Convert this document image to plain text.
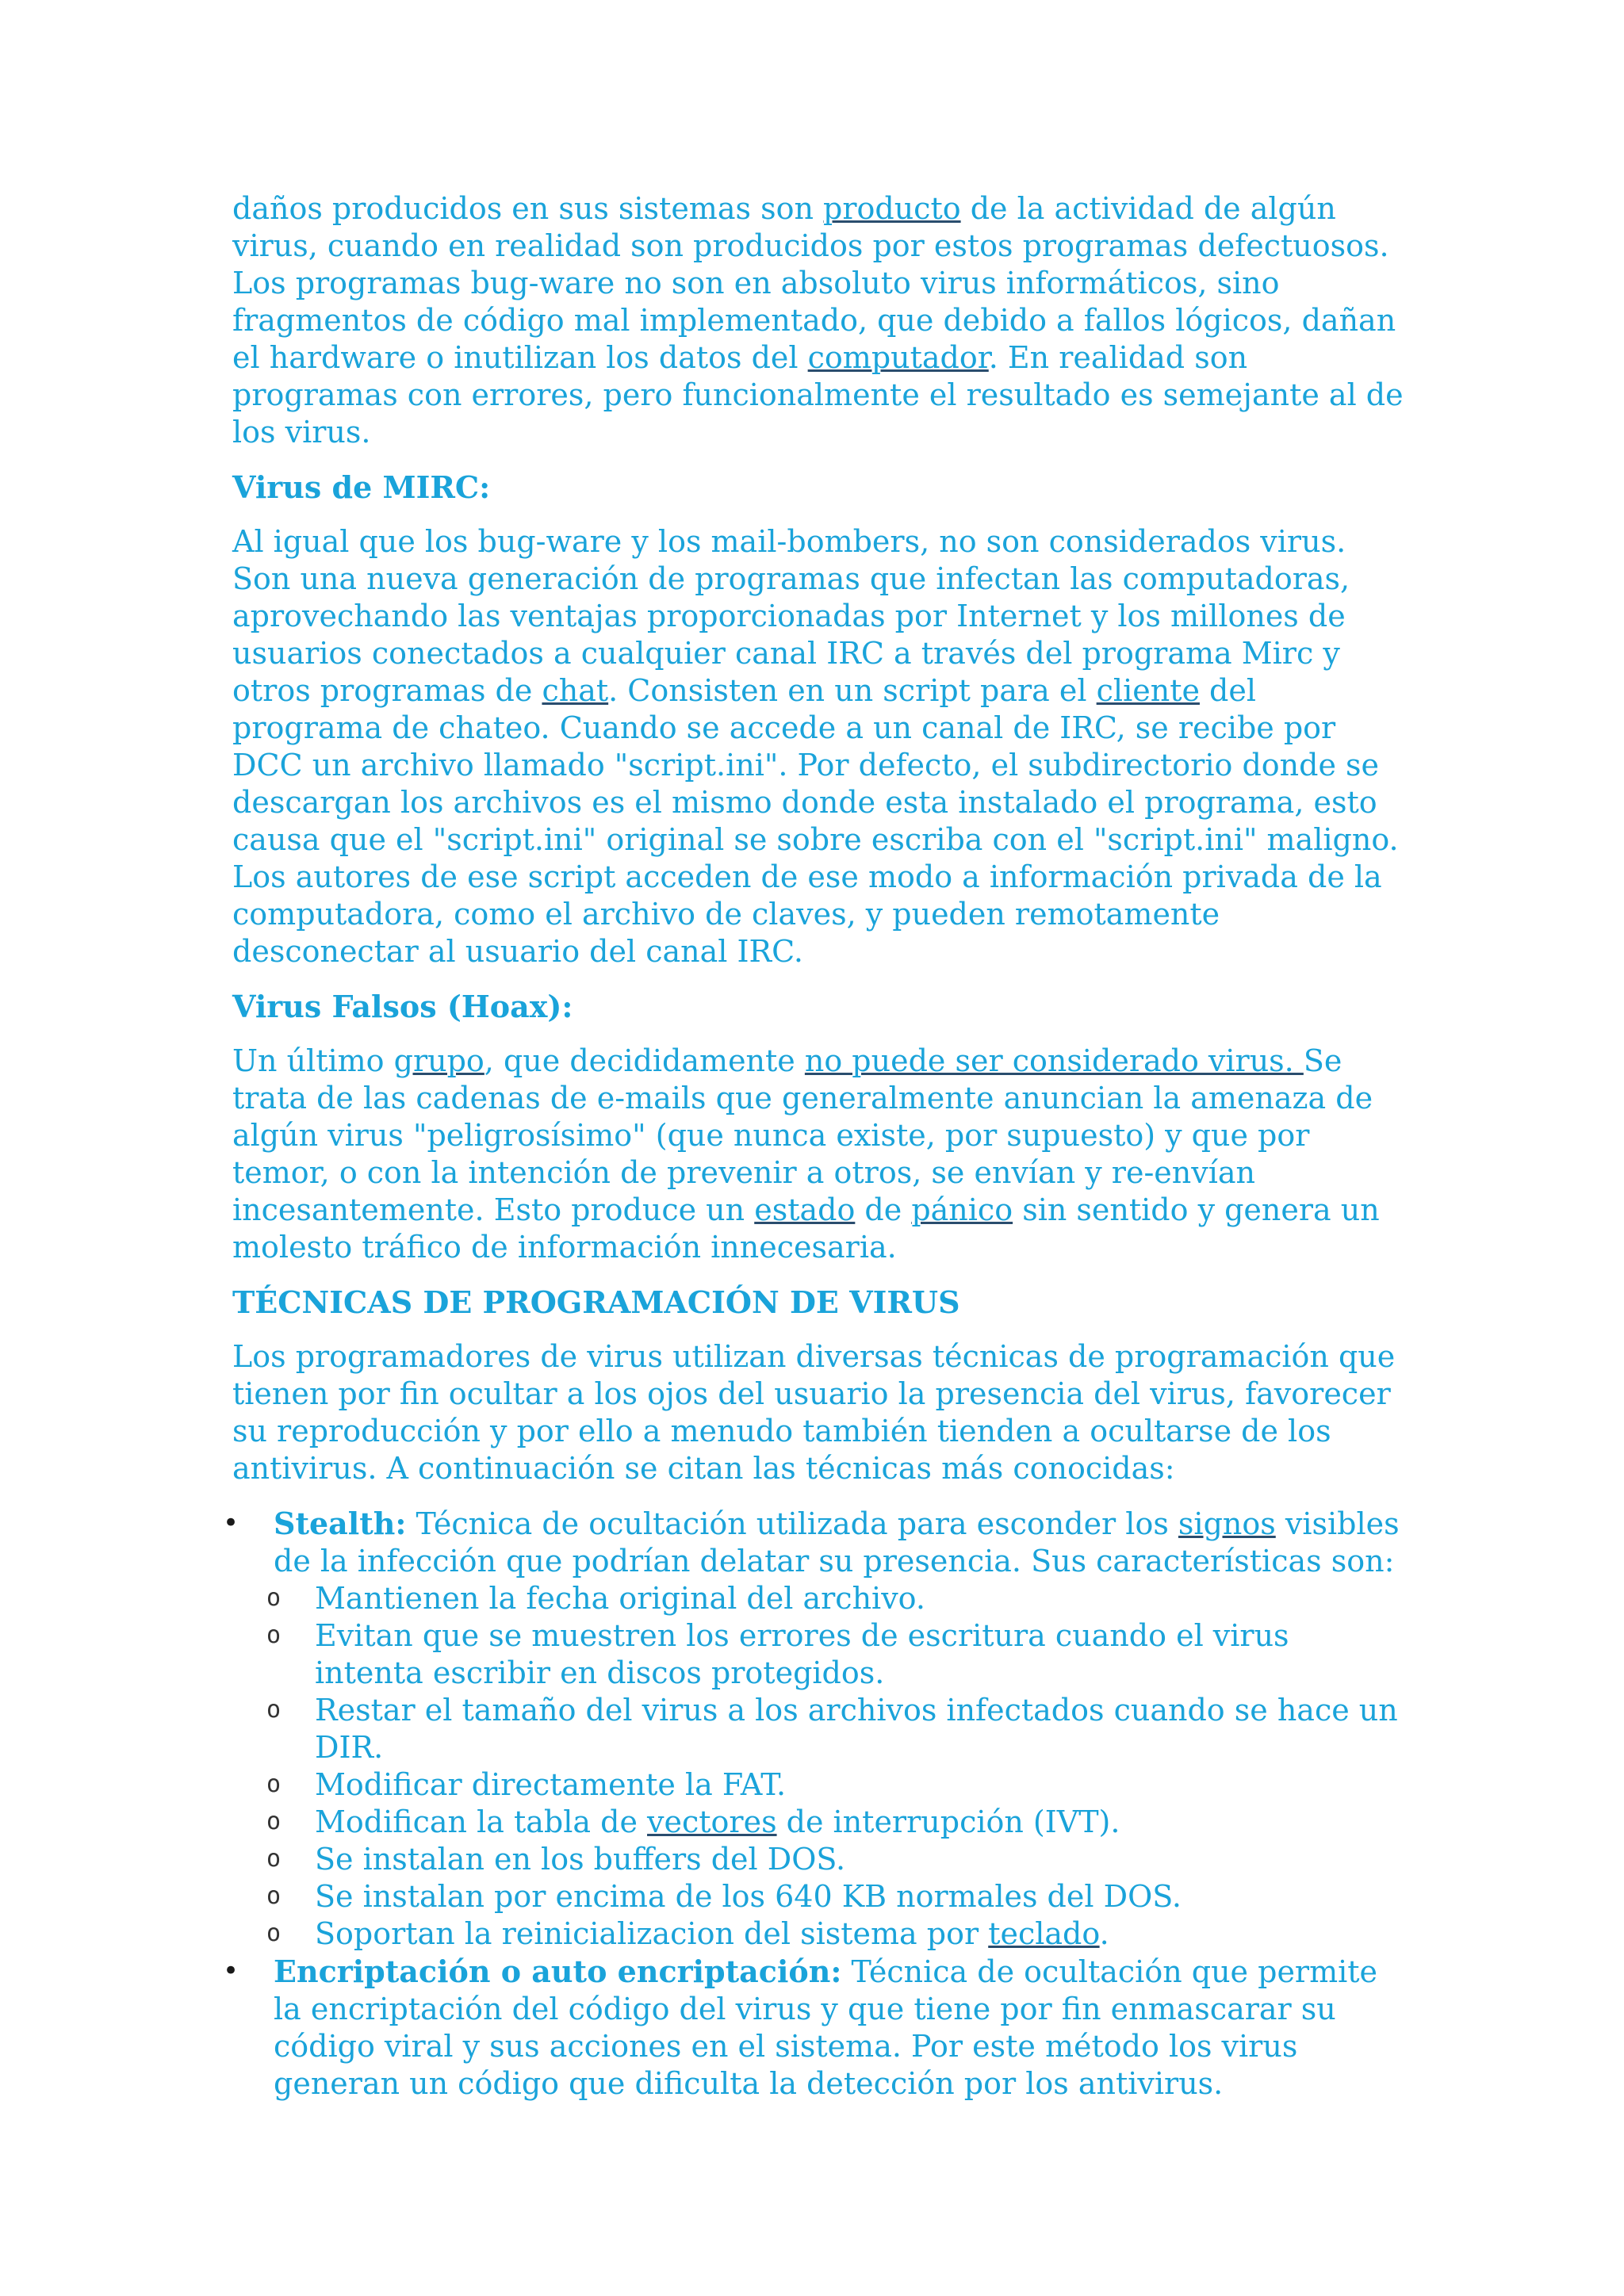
daños producidos en sus sistemas son producto de la actividad de algún virus, cuando en realidad son producidos por estos programas defectuosos. Los programas bug-ware no son en absoluto virus informáticos, sino fragmentos de código mal implementado, que debido a fallos lógicos, dañan el hardware o inutilizan los datos del computador. En realidad son programas con errores, pero funcionalmente el resultado es semejante al de los virus.

Virus de MIRC:

Al igual que los bug-ware y los mail-bombers, no son considerados virus. Son una nueva generación de programas que infectan las computadoras, aprovechando las ventajas proporcionadas por Internet y los millones de usuarios conectados a cualquier canal IRC a través del programa Mirc y otros programas de chat. Consisten en un script para el cliente del programa de chateo. Cuando se accede a un canal de IRC, se recibe por DCC un archivo llamado "script.ini". Por defecto, el subdirectorio donde se descargan los archivos es el mismo donde esta instalado el programa, esto causa que el "script.ini" original se sobre escriba con el "script.ini" maligno. Los autores de ese script acceden de ese modo a información privada de la computadora, como el archivo de claves, y pueden remotamente desconectar al usuario del canal IRC.

Virus Falsos (Hoax):

Un último grupo, que decididamente no puede ser considerado virus. Se trata de las cadenas de e-mails que generalmente anuncian la amenaza de algún virus "peligrosísimo" (que nunca existe, por supuesto) y que por temor, o con la intención de prevenir a otros, se envían y re-envían incesantemente. Esto produce un estado de pánico sin sentido y genera un molesto tráfico de información innecesaria.

TÉCNICAS DE PROGRAMACIÓN DE VIRUS

Los programadores de virus utilizan diversas técnicas de programación que tienen por fin ocultar a los ojos del usuario la presencia del virus, favorecer su reproducción y por ello a menudo también tienden a ocultarse de los antivirus. A continuación se citan las técnicas más conocidas:

• Stealth: Técnica de ocultación utilizada para esconder los signos visibles de la infección que podrían delatar su presencia. Sus características son:
o Mantienen la fecha original del archivo.
o Evitan que se muestren los errores de escritura cuando el virus intenta escribir en discos protegidos.
o Restar el tamaño del virus a los archivos infectados cuando se hace un DIR.
o Modificar directamente la FAT.
o Modifican la tabla de vectores de interrupción (IVT).
o Se instalan en los buffers del DOS.
o Se instalan por encima de los 640 KB normales del DOS.
o Soportan la reinicializacion del sistema por teclado.
• Encriptación o auto encriptación: Técnica de ocultación que permite la encriptación del código del virus y que tiene por fin enmascarar su código viral y sus acciones en el sistema. Por este método los virus generan un código que dificulta la detección por los antivirus.
